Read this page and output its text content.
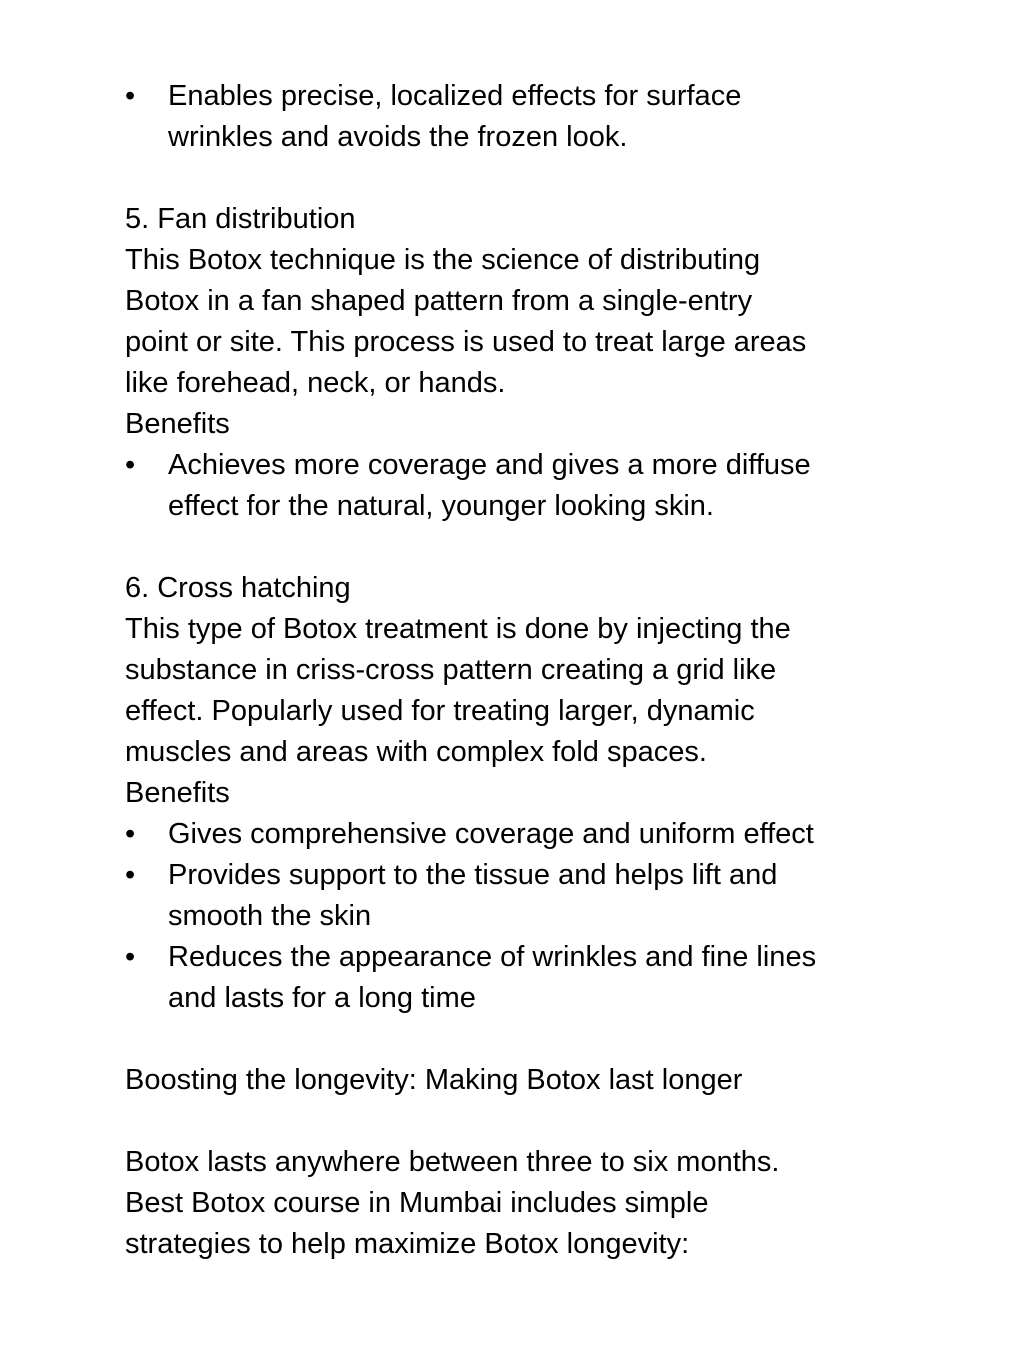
•	Enables precise, localized effects for surface
wrinkles and avoids the frozen look.
5. Fan distribution
This Botox technique is the science of distributing
Botox in a fan shaped pattern from a single-entry
point or site. This process is used to treat large areas
like forehead, neck, or hands.
Benefits
•	Achieves more coverage and gives a more diffuse
effect for the natural, younger looking skin.
6. Cross hatching
This type of Botox treatment is done by injecting the
substance in criss-cross pattern creating a grid like
effect. Popularly used for treating larger, dynamic
muscles and areas with complex fold spaces.
Benefits
•	Gives comprehensive coverage and uniform effect
•	Provides support to the tissue and helps lift and
smooth the skin
•	Reduces the appearance of wrinkles and fine lines
and lasts for a long time
Boosting the longevity: Making Botox last longer
Botox lasts anywhere between three to six months.
Best Botox course in Mumbai includes simple
strategies to help maximize Botox longevity:
